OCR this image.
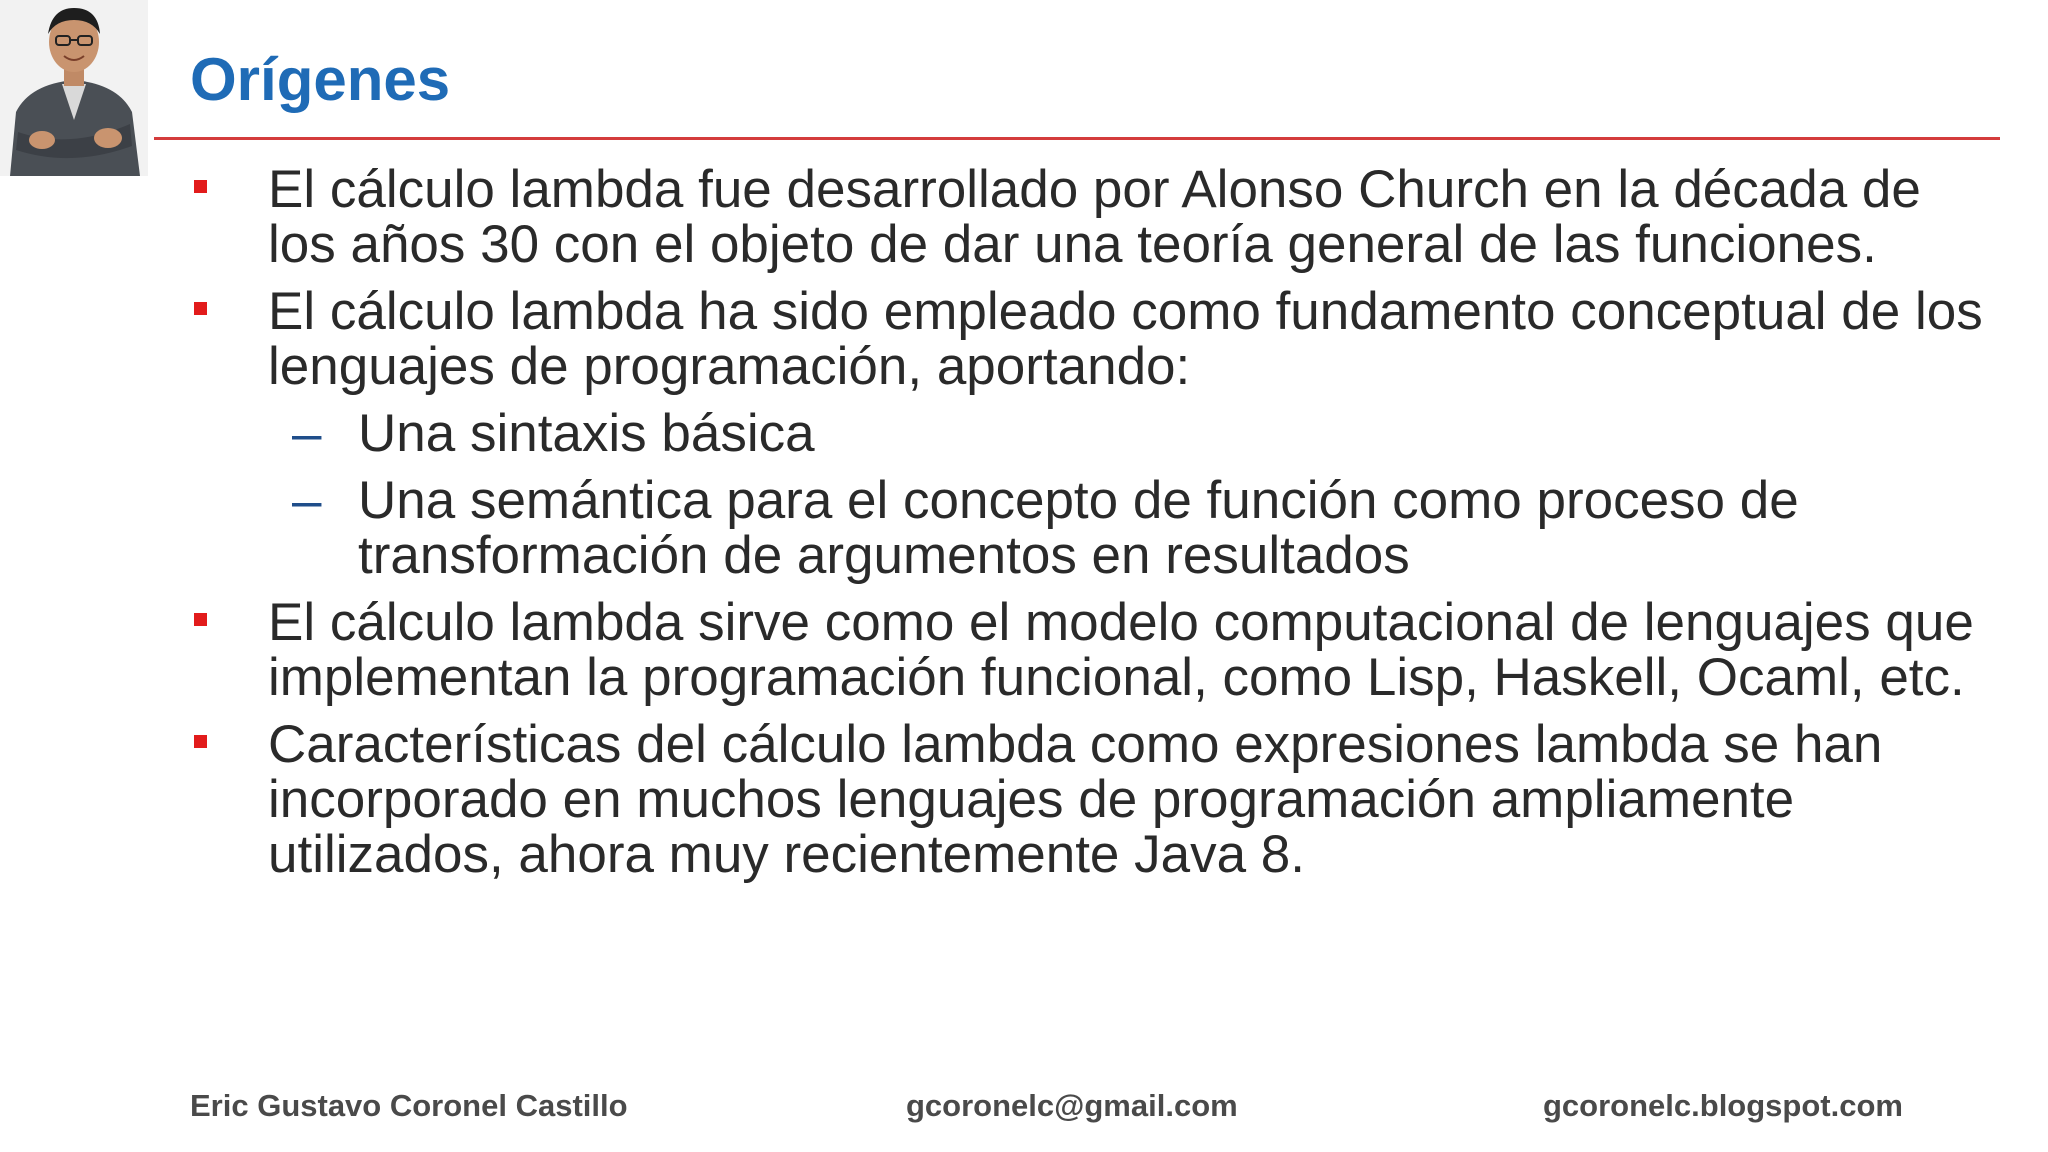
Orígenes
El cálculo lambda fue desarrollado por Alonso Church en la década de los años 30 con el objeto de dar una teoría general de las funciones.
El cálculo lambda ha sido empleado como fundamento conceptual de los lenguajes de programación, aportando:
– Una sintaxis básica
– Una semántica para el concepto de función como proceso de transformación de argumentos en resultados
El cálculo lambda sirve como el modelo computacional de lenguajes que implementan la programación funcional, como Lisp, Haskell, Ocaml, etc.
Características del cálculo lambda como expresiones lambda se han incorporado en muchos lenguajes de programación ampliamente utilizados, ahora muy recientemente Java 8.
Eric Gustavo Coronel Castillo	gcoronelc@gmail.com	gcoronelc.blogspot.com
